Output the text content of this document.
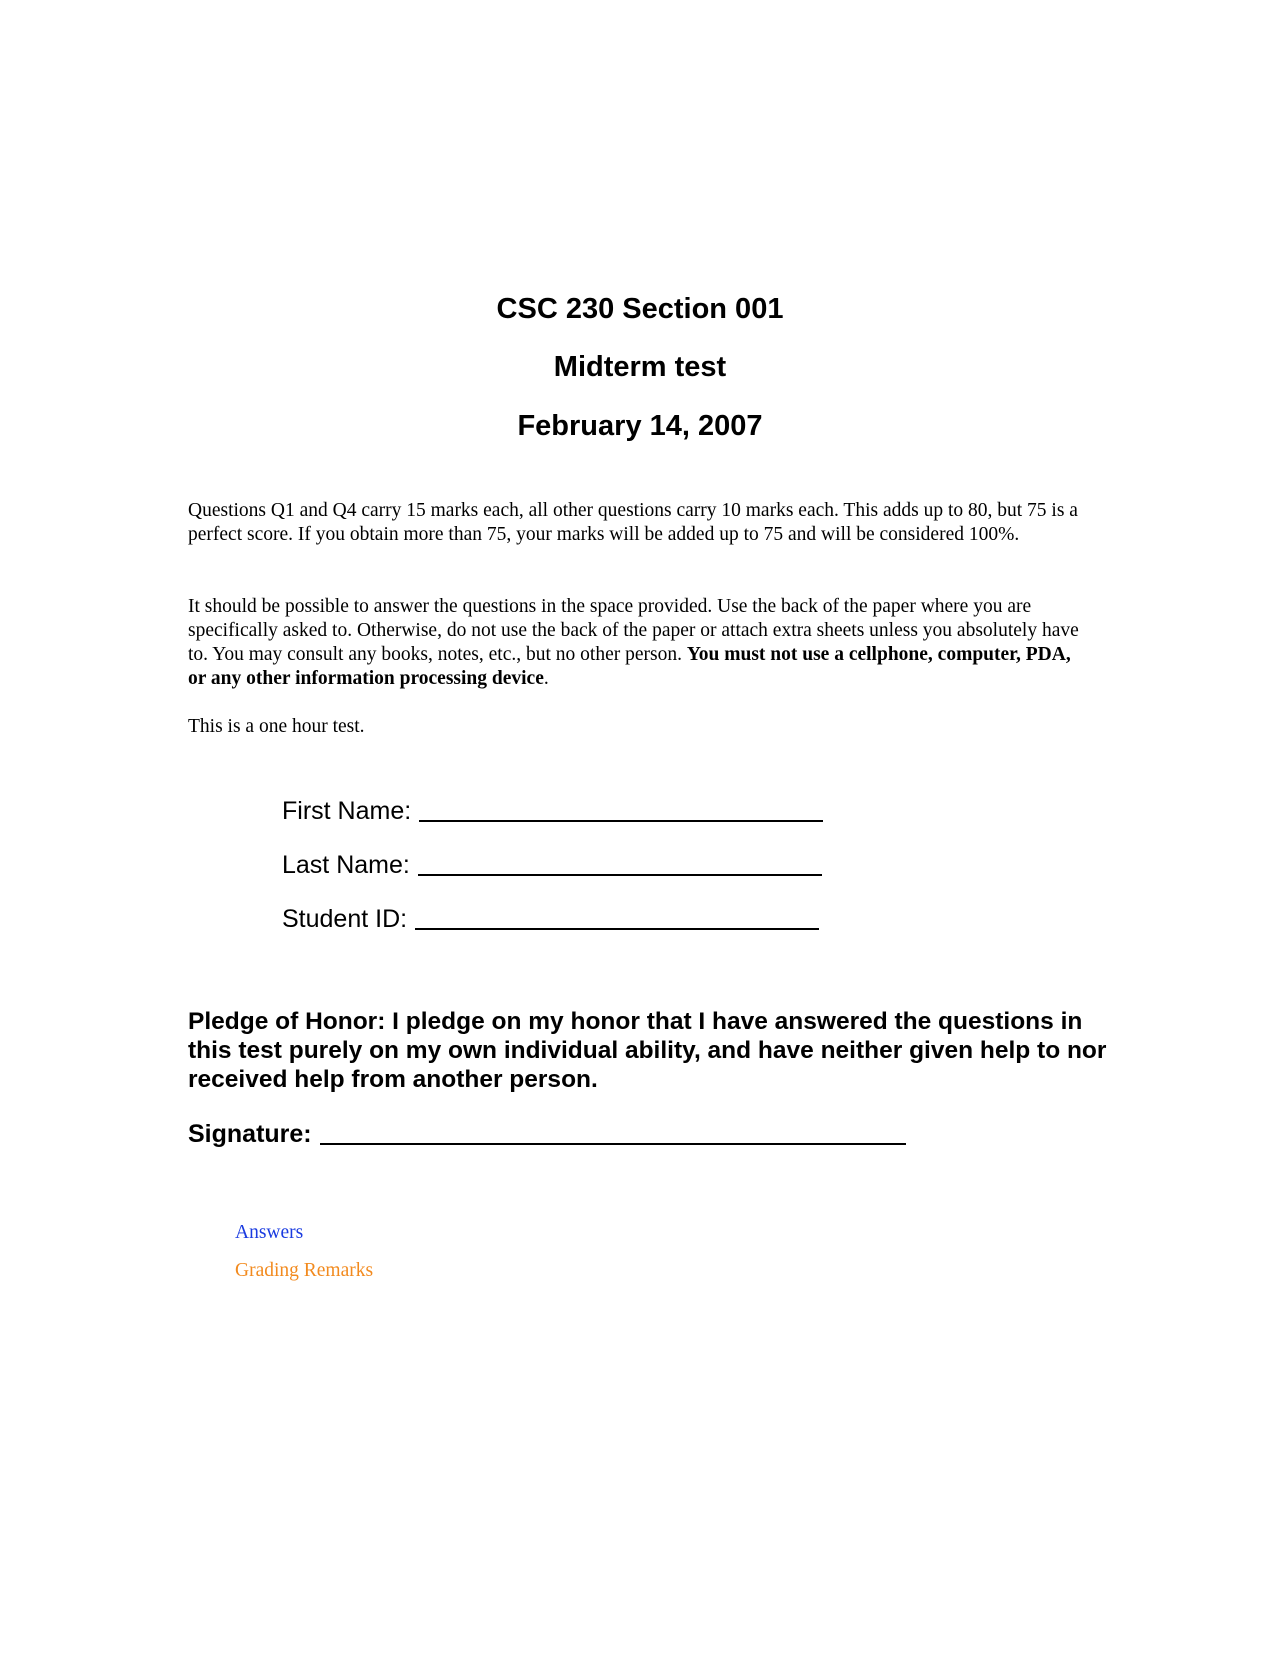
CSC 230 Section 001
Midterm test
February 14, 2007

Questions Q1 and Q4 carry 15 marks each, all other questions carry 10 marks each. This adds up to 80, but 75 is a perfect score. If you obtain more than 75, your marks will be added up to 75 and will be considered 100%.

It should be possible to answer the questions in the space provided. Use the back of the paper where you are specifically asked to. Otherwise, do not use the back of the paper or attach extra sheets unless you absolutely have to. You may consult any books, notes, etc., but no other person. You must not use a cellphone, computer, PDA, or any other information processing device.

This is a one hour test.

First Name:
Last Name:
Student ID:

Pledge of Honor: I pledge on my honor that I have answered the questions in this test purely on my own individual ability, and have neither given help to nor received help from another person.

Signature:
Answers
Grading Remarks
